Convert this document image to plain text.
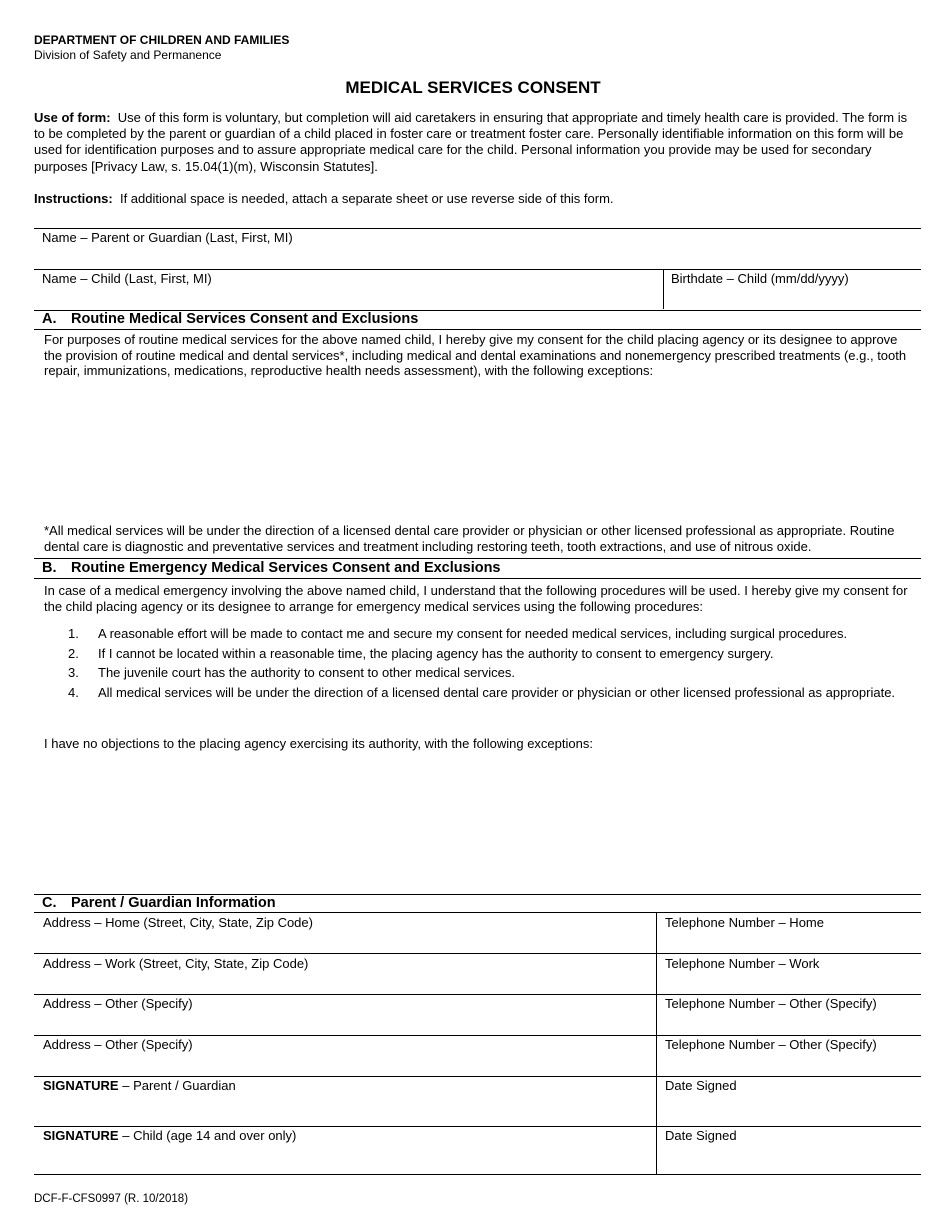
DEPARTMENT OF CHILDREN AND FAMILIES
Division of Safety and Permanence
MEDICAL SERVICES CONSENT
Use of form: Use of this form is voluntary, but completion will aid caretakers in ensuring that appropriate and timely health care is provided. The form is to be completed by the parent or guardian of a child placed in foster care or treatment foster care. Personally identifiable information on this form will be used for identification purposes and to assure appropriate medical care for the child. Personal information you provide may be used for secondary purposes [Privacy Law, s. 15.04(1)(m), Wisconsin Statutes].
Instructions: If additional space is needed, attach a separate sheet or use reverse side of this form.
Name – Parent or Guardian (Last, First, MI)
Name – Child (Last, First, MI)	Birthdate – Child (mm/dd/yyyy)
A. Routine Medical Services Consent and Exclusions
For purposes of routine medical services for the above named child, I hereby give my consent for the child placing agency or its designee to approve the provision of routine medical and dental services*, including medical and dental examinations and nonemergency prescribed treatments (e.g., tooth repair, immunizations, medications, reproductive health needs assessment), with the following exceptions:
*All medical services will be under the direction of a licensed dental care provider or physician or other licensed professional as appropriate. Routine dental care is diagnostic and preventative services and treatment including restoring teeth, tooth extractions, and use of nitrous oxide.
B. Routine Emergency Medical Services Consent and Exclusions
In case of a medical emergency involving the above named child, I understand that the following procedures will be used. I hereby give my consent for the child placing agency or its designee to arrange for emergency medical services using the following procedures:
1.	A reasonable effort will be made to contact me and secure my consent for needed medical services, including surgical procedures.
2.	If I cannot be located within a reasonable time, the placing agency has the authority to consent to emergency surgery.
3.	The juvenile court has the authority to consent to other medical services.
4.	All medical services will be under the direction of a licensed dental care provider or physician or other licensed professional as appropriate.
I have no objections to the placing agency exercising its authority, with the following exceptions:
C. Parent / Guardian Information
Address – Home (Street, City, State, Zip Code)	Telephone Number – Home
Address – Work (Street, City, State, Zip Code)	Telephone Number – Work
Address – Other (Specify)	Telephone Number – Other (Specify)
Address – Other (Specify)	Telephone Number – Other (Specify)
SIGNATURE – Parent / Guardian	Date Signed
SIGNATURE – Child (age 14 and over only)	Date Signed
DCF-F-CFS0997 (R. 10/2018)
